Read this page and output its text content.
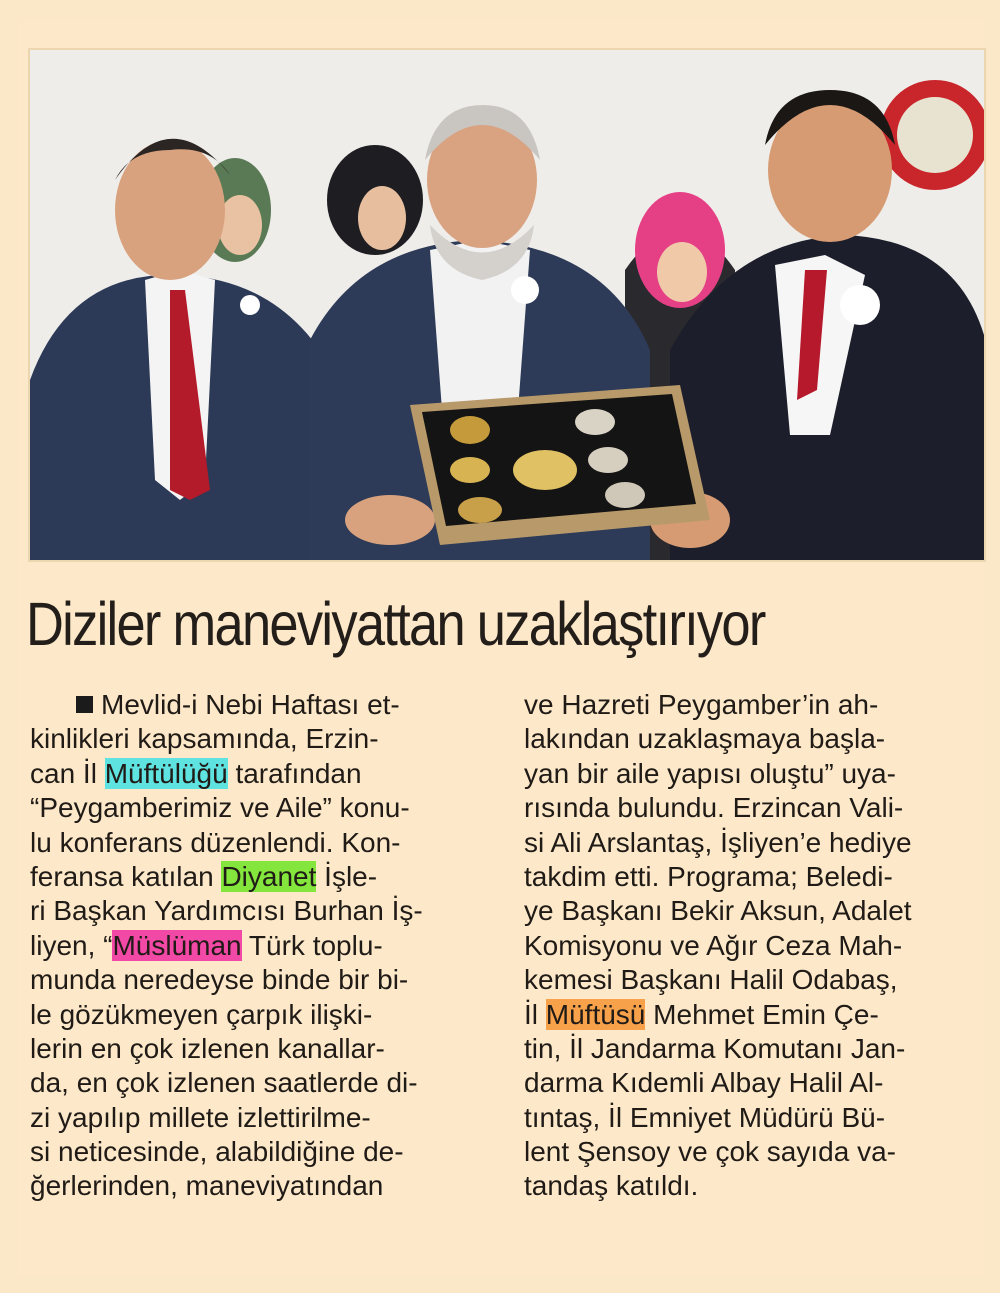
Diziler maneviyattan uzaklaştırıyor
Mevlid-i Nebi Haftası et-
kinlikleri kapsamında, Erzin-
can İl Müftülüğü tarafından
“Peygamberimiz ve Aile” konu-
lu konferans düzenlendi. Kon-
feransa katılan Diyanet İşle-
ri Başkan Yardımcısı Burhan İş-
liyen, “Müslüman Türk toplu-
munda neredeyse binde bir bi-
le gözükmeyen çarpık ilişki-
lerin en çok izlenen kanallar-
da, en çok izlenen saatlerde di-
zi yapılıp millete izlettirilme-
si neticesinde, alabildiğine de-
ğerlerinden, maneviyatından
ve Hazreti Peygamber’in ah-
lakından uzaklaşmaya başla-
yan bir aile yapısı oluştu” uya-
rısında bulundu. Erzincan Vali-
si Ali Arslantaş, İşliyen’e hediye
takdim etti. Programa; Beledi-
ye Başkanı Bekir Aksun, Adalet
Komisyonu ve Ağır Ceza Mah-
kemesi Başkanı Halil Odabaş,
İl Müftüsü Mehmet Emin Çe-
tin, İl Jandarma Komutanı Jan-
darma Kıdemli Albay Halil Al-
tıntaş, İl Emniyet Müdürü Bü-
lent Şensoy ve çok sayıda va-
tandaş katıldı.
